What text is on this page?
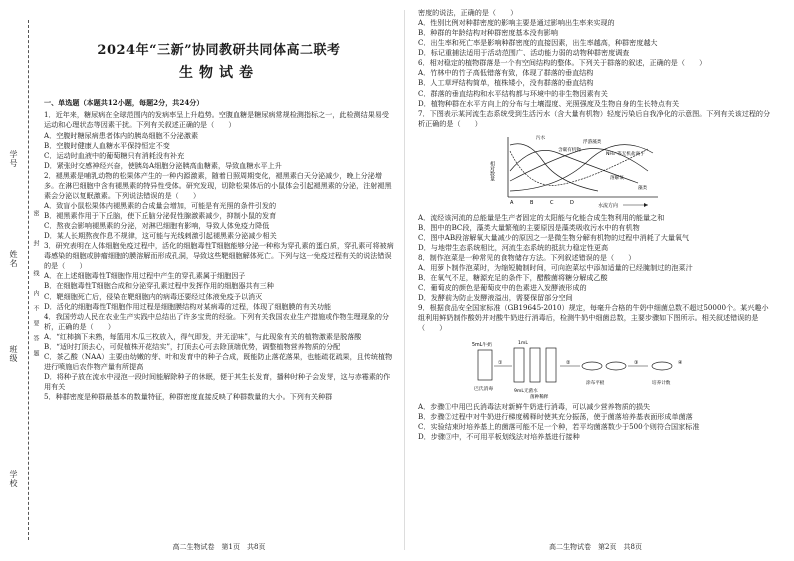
学号
姓名
班级
学校
密
封
线
内
不
要
答
题
2024年“三新”协同教研共同体高二联考
生物试卷
一、单选题（本题共12小题，每题2分，共24分）

1．近年来，糖尿病在全球范围内的发病率呈上升趋势。空腹血糖是糖尿病常规检测指标之一，此检测结果易受运动和心理状态等因素干扰。下列有关叙述正确的是（　　）

A．空腹时糖尿病患者体内的胰岛细胞不分泌激素

B．空腹时健康人血糖水平保持恒定不变

C．运动时血液中的葡萄糖只有消耗没有补充

D．紧张时交感神经兴奋，使胰岛A细胞分泌胰高血糖素，导致血糖水平上升

2．褪黑素是哺乳动物的松果体产生的一种内源激素，随着日照周期变化，褪黑素白天分泌减少，晚上分泌增多。在淋巴细胞中含有褪黑素的特异性受体。研究发现，切除松果体后的小鼠体会引起褪黑素的分泌，注射褪黑素会分泌以复眠激素。下列说法错误的是（　　）

A．致盲小鼠松果体内褪黑素的合成量会增加，可能是有光照的条件引发的

B．褪黑素作用于下丘脑，使下丘脑分泌促性腺激素减少，抑制小鼠的发育

C．熬夜会影响褪黑素的分泌，对淋巴细胞有影响，导致人体免疫力降低

D．某人长期熬夜作息不规律，这可能与光线刺激引起褪黑素分泌减少相关

3．研究表明在人体细胞免疫过程中，活化的细胞毒性T细胞能够分泌一种称为穿孔素的蛋白质，穿孔素可将被病毒感染的细胞或肿瘤细胞的膜溶解而形成孔洞，导致这些靶细胞解体死亡。下列与这一免疫过程有关的说法错误的是（　　）

A．在上述细胞毒性T细胞作用过程中产生的穿孔素属于细胞因子

B．在细胞毒性T细胞合成和分泌穿孔素过程中发挥作用的细胞器共有三种

C．靶细胞死亡后，侵染在靶细胞内的病毒还要经过体液免疫予以消灭

D．活化的细胞毒性T细胞作用过程是细胞膜结构对某病毒的过程，体现了细胞膜的有关功能

4．我国劳动人民在农业生产实践中总结出了许多宝贵的经验。下列有关我国农业生产措施或作物生理现象的分析，正确的是（　　）

A．“红柿摘下未熟，每篮用木瓜三枚放入，得气即发，并无涩味”，与此现象有关的植物激素是脱落酸

B．“适时打顶去心，可促植株开花结实”，打顶去心可去除顶端优势，调整植物营养物质的分配

C．茶乙酸（NAA）主要由幼嫩的芽、叶和发育中的种子合成，既能防止落花落果，也能疏花疏果，且传统植物进行喷施后农作物产量有所提高

D．将种子放在流水中浸泡一段时间能解除种子的休眠，便于其生长发育，播种时种子会发芽，这与赤霉素的作用有关

5．种群密度是种群最基本的数量特征，种群密度直接反映了种群数量的大小。下列有关种群

高二生物试卷　第1页　共8页

密度的说法，正确的是（　　）

A．性别比例对种群密度的影响主要是通过影响出生率来实现的

B．种群的年龄结构对种群密度基本没有影响

C．出生率和死亡率是影响种群密度的直接因素，出生率越高，种群密度越大

D．标记重捕法适用于活动范围广、活动能力弱的动物种群密度调查

6．相对稳定的植物群落是一个有空间结构的整体。下列关于群落的叙述，正确的是（　　）

A．竹林中的竹子高低错落有致，体现了群落的垂直结构

B．人工草坪结构简单，植株矮小，没有群落的垂直结构

C．群落的垂直结构和水平结构都与环境中的非生物因素有关

D．植物种群在水平方向上的分布与土壤湿度、光照强度及生物自身的生长特点有关

7．下图表示某河流生态系统受到生活污水（含大量有机物）轻度污染后自我净化的示意图。下列有关该过程的分析正确的是（　　）

相对数量
污水
浮游藻类
含碳有机物
NH₄⁺等无机盐离子
溶解氧
藻类
A	B	C	D	水流方向

A．流经该河流的总能量是生产者固定的太阳能与化能合成生物利用的能量之和

B．图中的BC段，藻类大量繁殖的主要原因是藻类吸收污水中的有机物

C．图中AB段溶解氧大量减少的原因之一是微生物分解有机物的过程中消耗了大量氧气

D．与地带生态系统相比，河流生态系统的抵抗力稳定性更高

8．制作泡菜是一种常见的食物储存方法。下列叙述错误的是（　　）

A．用萝卜制作泡菜时，为缩短腌制时间，可向泡菜坛中添加适量的已经腌制过的泡菜汁

B．在氧气不足，糖源充足的条件下，醋酸菌将糖分解成乙酸

C．葡萄皮的颜色是葡萄皮中的色素进入发酵液形成的

D．发酵前为防止发酵液溢出，需要保留部分空间

9．根据食品安全国家标准（GB19645-2010）规定，每毫升合格的牛奶中细菌总数不超过50000个。某兴趣小组利用鲜奶制作酸奶并对酸牛奶进行消毒后，检测牛奶中细菌总数，主要步骤如下图所示。相关叙述错误的是（　　）

5mL牛奶
巴氏消毒
①
1mL
9mL无菌水
菌种稀释
②
涂布平板
③	④
培养计数

A．步骤①中用巴氏消毒法对新鲜牛奶进行消毒，可以减少营养物质的损失

B．步骤②过程中对牛奶进行梯度稀释时使其充分振荡，使于菌落培养基表面形成单菌落

C．实验结束时培养基上的菌落可能不足一个种，若平均菌落数少于500个则符合国家标准

D．步骤③中，不可用平板划线法对培养基进行接种

高二生物试卷　第2页　共8页
